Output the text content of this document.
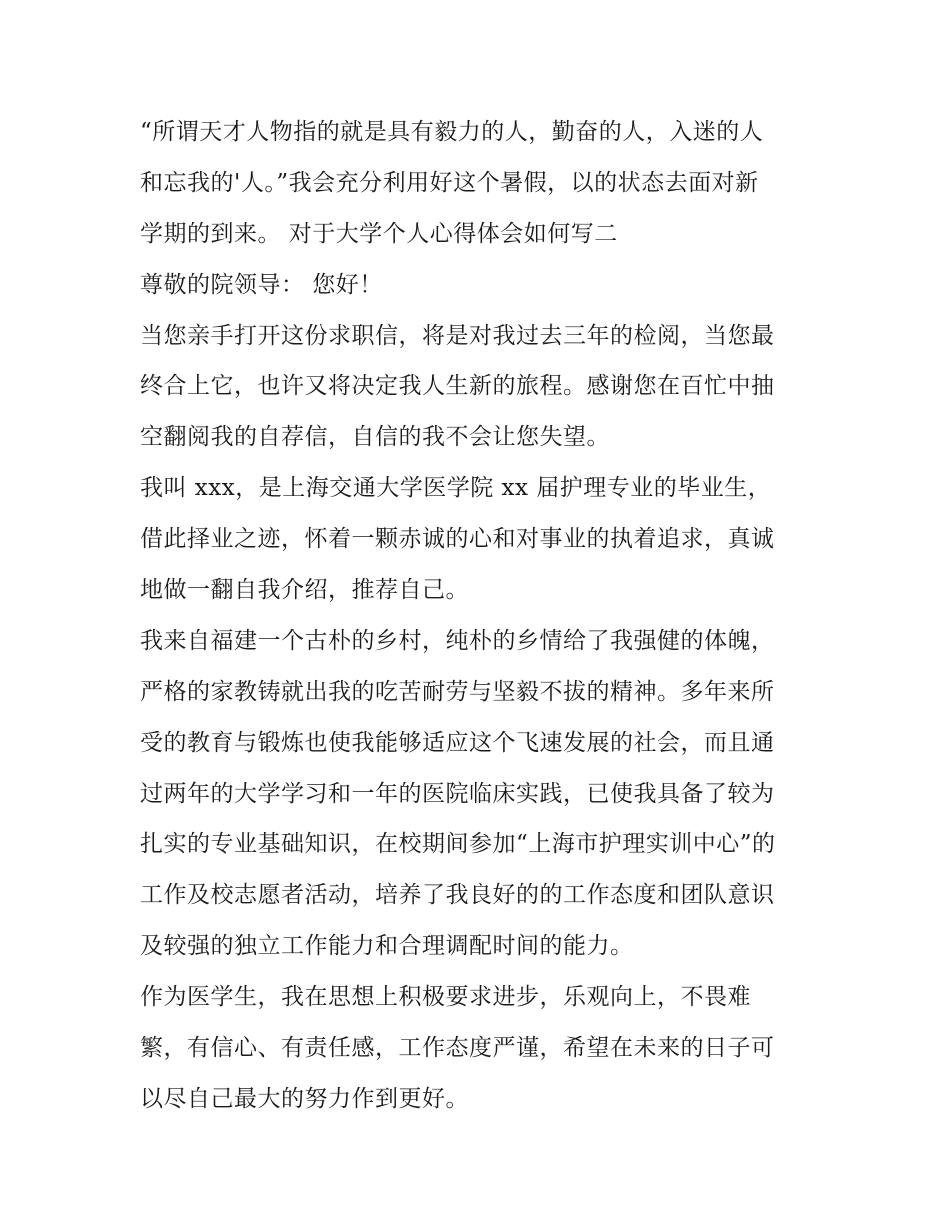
“所谓天才人物指的就是具有毅力的人，勤奋的人，入迷的人
和忘我的'人。”我会充分利用好这个暑假，以的状态去面对新
学期的到来。 对于大学个人心得体会如何写二
尊敬的院领导： 您好！
当您亲手打开这份求职信，将是对我过去三年的检阅，当您最
终合上它，也许又将决定我人生新的旅程。感谢您在百忙中抽
空翻阅我的自荐信，自信的我不会让您失望。
我叫 xxx，是上海交通大学医学院 xx 届护理专业的毕业生，
借此择业之迹，怀着一颗赤诚的心和对事业的执着追求，真诚
地做一翻自我介绍，推荐自己。
我来自福建一个古朴的乡村，纯朴的乡情给了我强健的体魄，
严格的家教铸就出我的吃苦耐劳与坚毅不拔的精神。多年来所
受的教育与锻炼也使我能够适应这个飞速发展的社会，而且通
过两年的大学学习和一年的医院临床实践，已使我具备了较为
扎实的专业基础知识，在校期间参加“上海市护理实训中心”的
工作及校志愿者活动，培养了我良好的的工作态度和团队意识
及较强的独立工作能力和合理调配时间的能力。
作为医学生，我在思想上积极要求进步，乐观向上，不畏难
繁，有信心、有责任感，工作态度严谨，希望在未来的日子可
以尽自己最大的努力作到更好。
